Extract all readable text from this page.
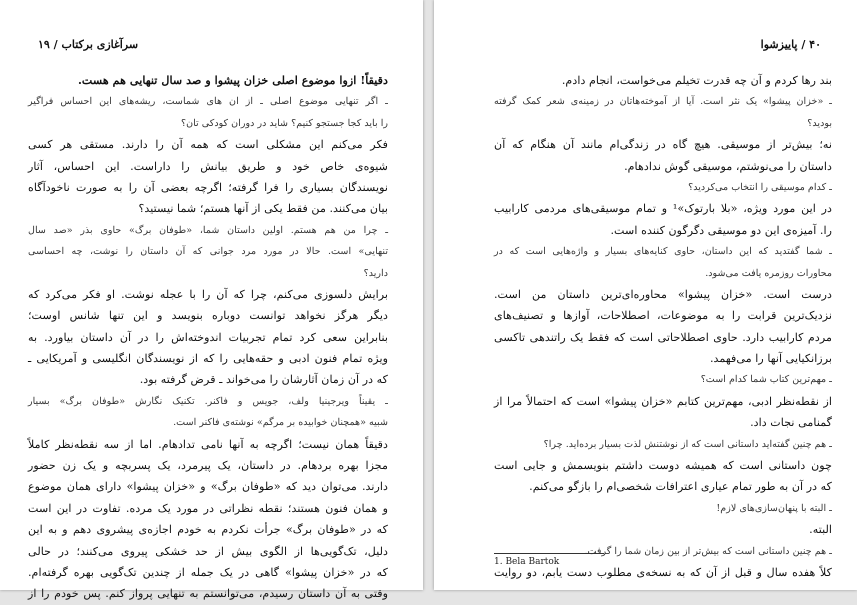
سرآغازی برکتاب / ۱۹
دقیقاً! ازوا موضوع اصلی خزان پیشوا و صد سال تنهایی هم هست.
ـ اگر تنهایی موضوع اصلی ـ از ان های شماست، ریشه‌های این احساس فراگیر
را باید کجا جستجو کنیم؟ شاید در دوران کودکی تان؟
فکر می‌کنم این مشکلی است که همه آن را دارند. مستقی هر کسی
شیوه‌ی خاص خود و طریق بیانش را داراست. این احساس، آثار
نویسندگان بسیاری را فرا گرفته؛ اگرچه بعضی آن را به صورت ناخودآگاه
بیان می‌کنند. من فقط یکی از آنها هستم؛ شما نیستید؟
ـ چرا من هم هستم. اولین داستان شما، «طوفان برگ» حاوی بذر «صد سال
تنهایی» است. حالا در مورد مرد جوانی که آن داستان را نوشت، چه احساسی
دارید؟
برایش دلسوزی می‌کنم، چرا که آن را با عجله نوشت. او فکر می‌کرد که
دیگر هرگز نخواهد توانست دوباره بنویسد و این تنها شانس اوست؛
بنابراین سعی کرد تمام تجربیات اندوخته‌اش را در آن داستان بیاورد. به
ویژه تمام فنون ادبی و حقه‌هایی را که از نویسندگان انگلیسی و آمریکایی ـ
که در آن زمان آثارشان را می‌خواند ـ قرض گرفته بود.
ـ یقیناً ویرجینیا ولف، جویس و فاکنر. تکنیک نگارش «طوفان برگ» بسیار
شبیه «همچنان خوابیده بر مرگم» نوشته‌ی فاکنر است.
دقیقاً همان نیست؛ اگرچه به آنها نامی تدادهام. اما از سه نقطه‌نظر کاملاً
مجزا بهره بردهام. در داستان، یک پیرمرد، یک پسربچه و یک زن حضور
دارند. می‌توان دید که «طوفان برگ» و «خزان پیشوا» دارای همان موضوع
و همان فنون هستند؛ نقطه نظراتی در مورد یک مرده. تفاوت در این است
که در «طوفان برگ» جرأت نکردم به خودم اجازه‌ی پیشروی دهم و به این
دلیل، تک‌گویی‌ها از الگوی بیش از حد خشکی پیروی می‌کنند؛ در حالی
که در «خزان پیشوا» گاهی در یک جمله از چندین تک‌گویی بهره گرفته‌ام.
وقتی به آن داستان رسیدم، می‌توانستم به تنهایی پرواز کنم. پس خودم را از
۴۰ / پاییز‌شوا
بند رها کردم و آن چه قدرت تخیلم می‌خواست، انجام دادم.
ـ «خزان پیشوا» یک نثر است. آیا از آموخته‌هاتان در زمینه‌ی شعر کمک گرفته
بودید؟
نه؛ بیش‌تر از موسیقی. هیچ گاه در زندگی‌ام مانند آن هنگام که آن
داستان را می‌نوشتم، موسیقی گوش ندادهام.
ـ کدام موسیقی را انتخاب می‌کردید؟
در این مورد ویژه، «بلا بارتوک»¹ و تمام موسیقی‌های مردمی کارابیب
را. آمیزه‌ی این دو موسیقی دگرگون کننده است.
ـ شما گفتدید که این داستان، حاوی کنایه‌های بسیار و واژه‌هایی است که در
محاورات روزمره یافت می‌شود.
درست است. «خزان پیشوا» محاوره‌ای‌ترین داستان من است.
نزدیک‌ترین قرابت را به موضوعات، اصطلاحات، آوازها و تصنیف‌های
مردم کارابیب دارد. حاوی اصطلاحاتی است که فقط یک راتندهی تاکسی
برزانکیایی آنها را می‌فهمد.
ـ مهم‌ترین کتاب شما کدام است؟
از نقطه‌نظر ادبی، مهم‌ترین کتابم «خزان پیشوا» است که احتمالاً مرا از
گمنامی نجات داد.
ـ هم چنین گفته‌اید داستانی است که از نوشتنش لذت بسیار برده‌اید. چرا؟
چون داستانی است که همیشه دوست داشتم بنویسمش و جایی است
که در آن به طور تمام عیاری اعترافات شخصی‌ام را بازگو می‌کنم.
ـ البته با پنهان‌سازی‌های لازم!
البته.
ـ هم چنین داستانی است که بیش‌تر از بین زمان شما را گرفت.
کلاً هفده سال و قبل از آن که به نسخه‌ی مطلوب دست یابم، دو روایت
1. Bela Bartok
